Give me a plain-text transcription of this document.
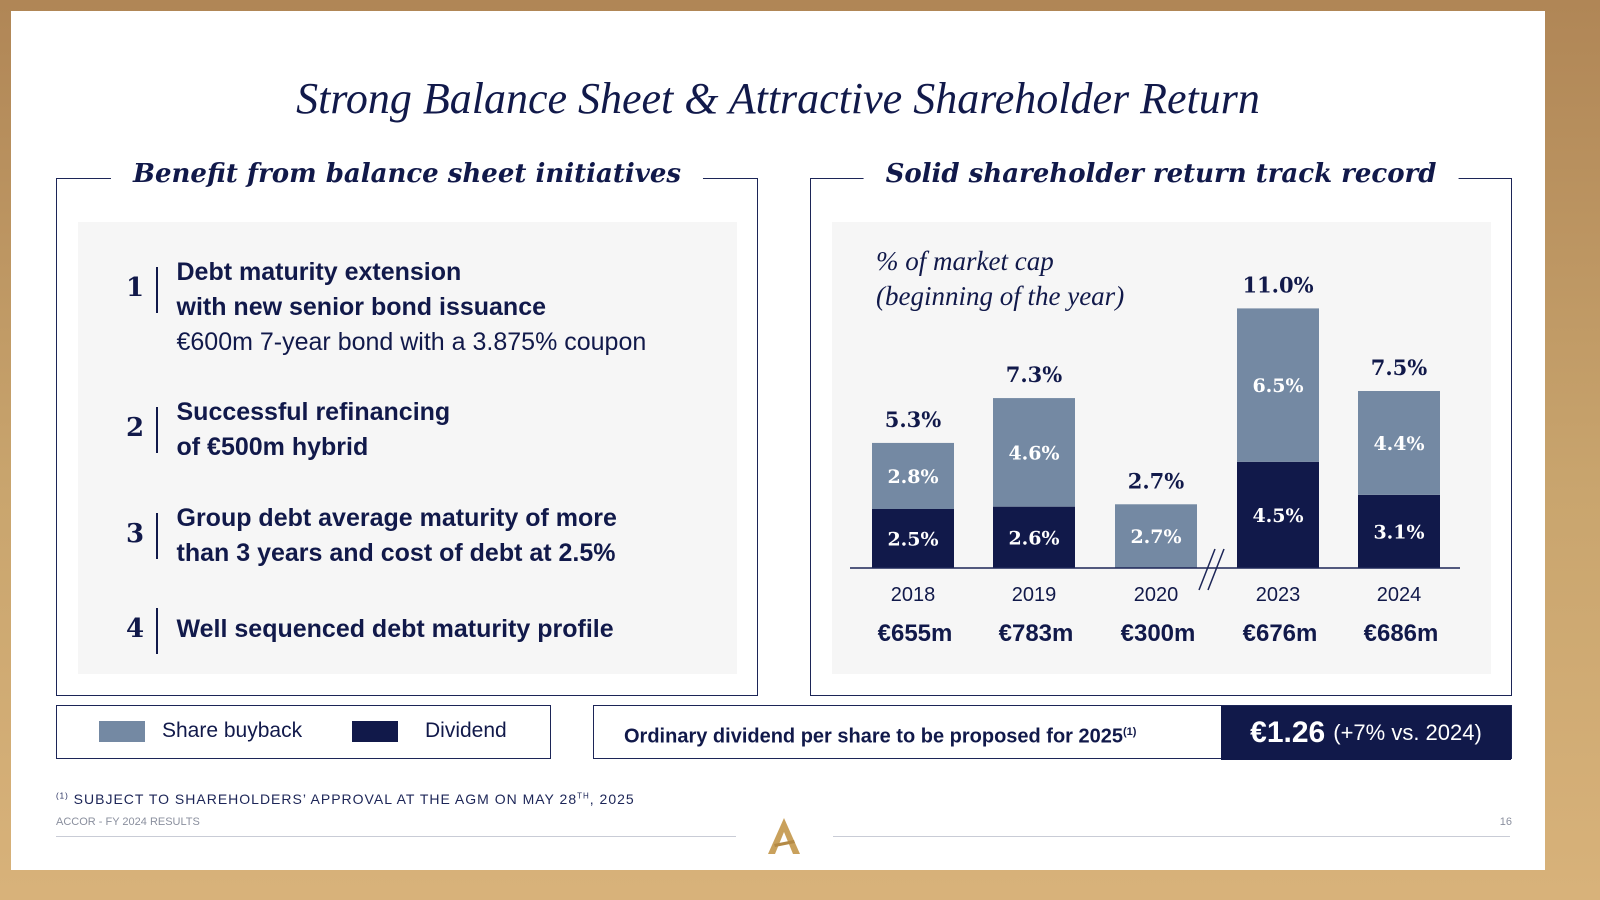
Strong Balance Sheet & Attractive Shareholder Return
Benefit from balance sheet initiatives
1
Debt maturity extension
with new senior bond issuance
€600m 7-year bond with a 3.875% coupon
2
Successful refinancing
of €500m hybrid
3
Group debt average maturity of more
than 3 years and cost of debt at 2.5%
4	Well sequenced debt maturity profile
Solid shareholder return track record
% of market cap
(beginning of the year)
2.5%
2.8%
5.3%
2018
€655m
2.6%
4.6%
7.3%
2019
€783m
2.7%
2.7%
2020
€300m
4.5%
6.5%
11.0%
2023
€676m
3.1%
4.4%
7.5%
2024
€686m
Share buyback	Dividend	Ordinary dividend per share to be proposed for 2025$^{(1)}$	€1.26 (+7% vs. 2024)
$^{(1)}$ SUBJECT TO SHAREHOLDERS’ APPROVAL AT THE AGM ON MAY 28TH, 2025
ACCOR - FY 2024 RESULTS	16
